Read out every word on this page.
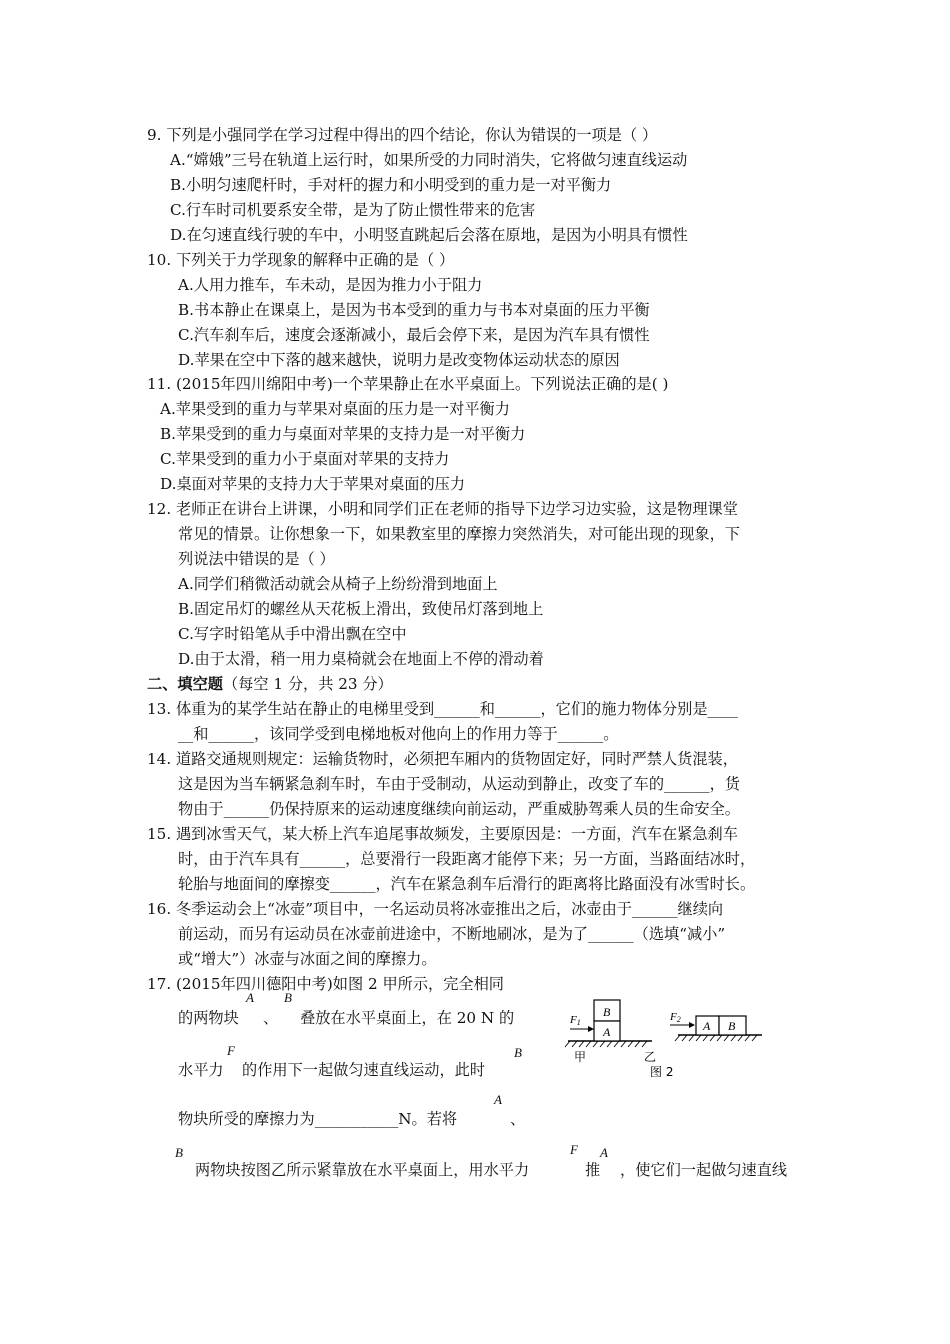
9. 下列是小强同学在学习过程中得出的四个结论，你认为错误的一项是（ ）
A.“嫦娥”三号在轨道上运行时，如果所受的力同时消失，它将做匀速直线运动
B.小明匀速爬杆时，手对杆的握力和小明受到的重力是一对平衡力
C.行车时司机要系安全带，是为了防止惯性带来的危害
D.在匀速直线行驶的车中，小明竖直跳起后会落在原地，是因为小明具有惯性
10. 下列关于力学现象的解释中正确的是（ ）
A.人用力推车，车未动，是因为推力小于阻力
B.书本静止在课桌上，是因为书本受到的重力与书本对桌面的压力平衡
C.汽车刹车后，速度会逐渐减小，最后会停下来，是因为汽车具有惯性
D.苹果在空中下落的越来越快，说明力是改变物体运动状态的原因
11. (2015年四川绵阳中考)一个苹果静止在水平桌面上。下列说法正确的是( )
A.苹果受到的重力与苹果对桌面的压力是一对平衡力
B.苹果受到的重力与桌面对苹果的支持力是一对平衡力
C.苹果受到的重力小于桌面对苹果的支持力
D.桌面对苹果的支持力大于苹果对桌面的压力
12. 老师正在讲台上讲课，小明和同学们正在老师的指导下边学习边实验，这是物理课堂
常见的情景。让你想象一下，如果教室里的摩擦力突然消失，对可能出现的现象，下
列说法中错误的是（ ）
A.同学们稍微活动就会从椅子上纷纷滑到地面上
B.固定吊灯的螺丝从天花板上滑出，致使吊灯落到地上
C.写字时铅笔从手中滑出飘在空中
D.由于太滑，稍一用力桌椅就会在地面上不停的滑动着
二、填空题（每空 1 分，共 23 分）
13. 体重为的某学生站在静止的电梯里受到______和______，它们的施力物体分别是____
__和______，该同学受到电梯地板对他向上的作用力等于______。
14. 道路交通规则规定：运输货物时，必须把车厢内的货物固定好，同时严禁人货混装，
这是因为当车辆紧急刹车时，车由于受制动，从运动到静止，改变了车的______，货
物由于______仍保持原来的运动速度继续向前运动，严重威胁驾乘人员的生命安全。
15. 遇到冰雪天气，某大桥上汽车追尾事故频发，主要原因是：一方面，汽车在紧急刹车
时，由于汽车具有______，总要滑行一段距离才能停下来；另一方面，当路面结冰时，
轮胎与地面间的摩擦变______，汽车在紧急刹车后滑行的距离将比路面没有冰雪时长。
16. 冬季运动会上“冰壶”项目中，一名运动员将冰壶推出之后，冰壶由于______继续向
前运动，而另有运动员在冰壶前进途中，不断地刷冰，是为了______（选填“减小”
或“增大”）冰壶与冰面之间的摩擦力。
17. (2015年四川德阳中考)如图 2 甲所示，完全相同
的两物块
A
、
B
叠放在水平桌面上，在 20 N 的
F
水平力 的作用下一起做匀速直线运动，此时
B
A
物块所受的摩擦力为___________N。若将	、
B	F A
两物块按图乙所示紧靠放在水平桌面上，用水平力	推 ，使它们一起做匀速直线
B
A
F1
甲
A B
F2
乙
图 2
